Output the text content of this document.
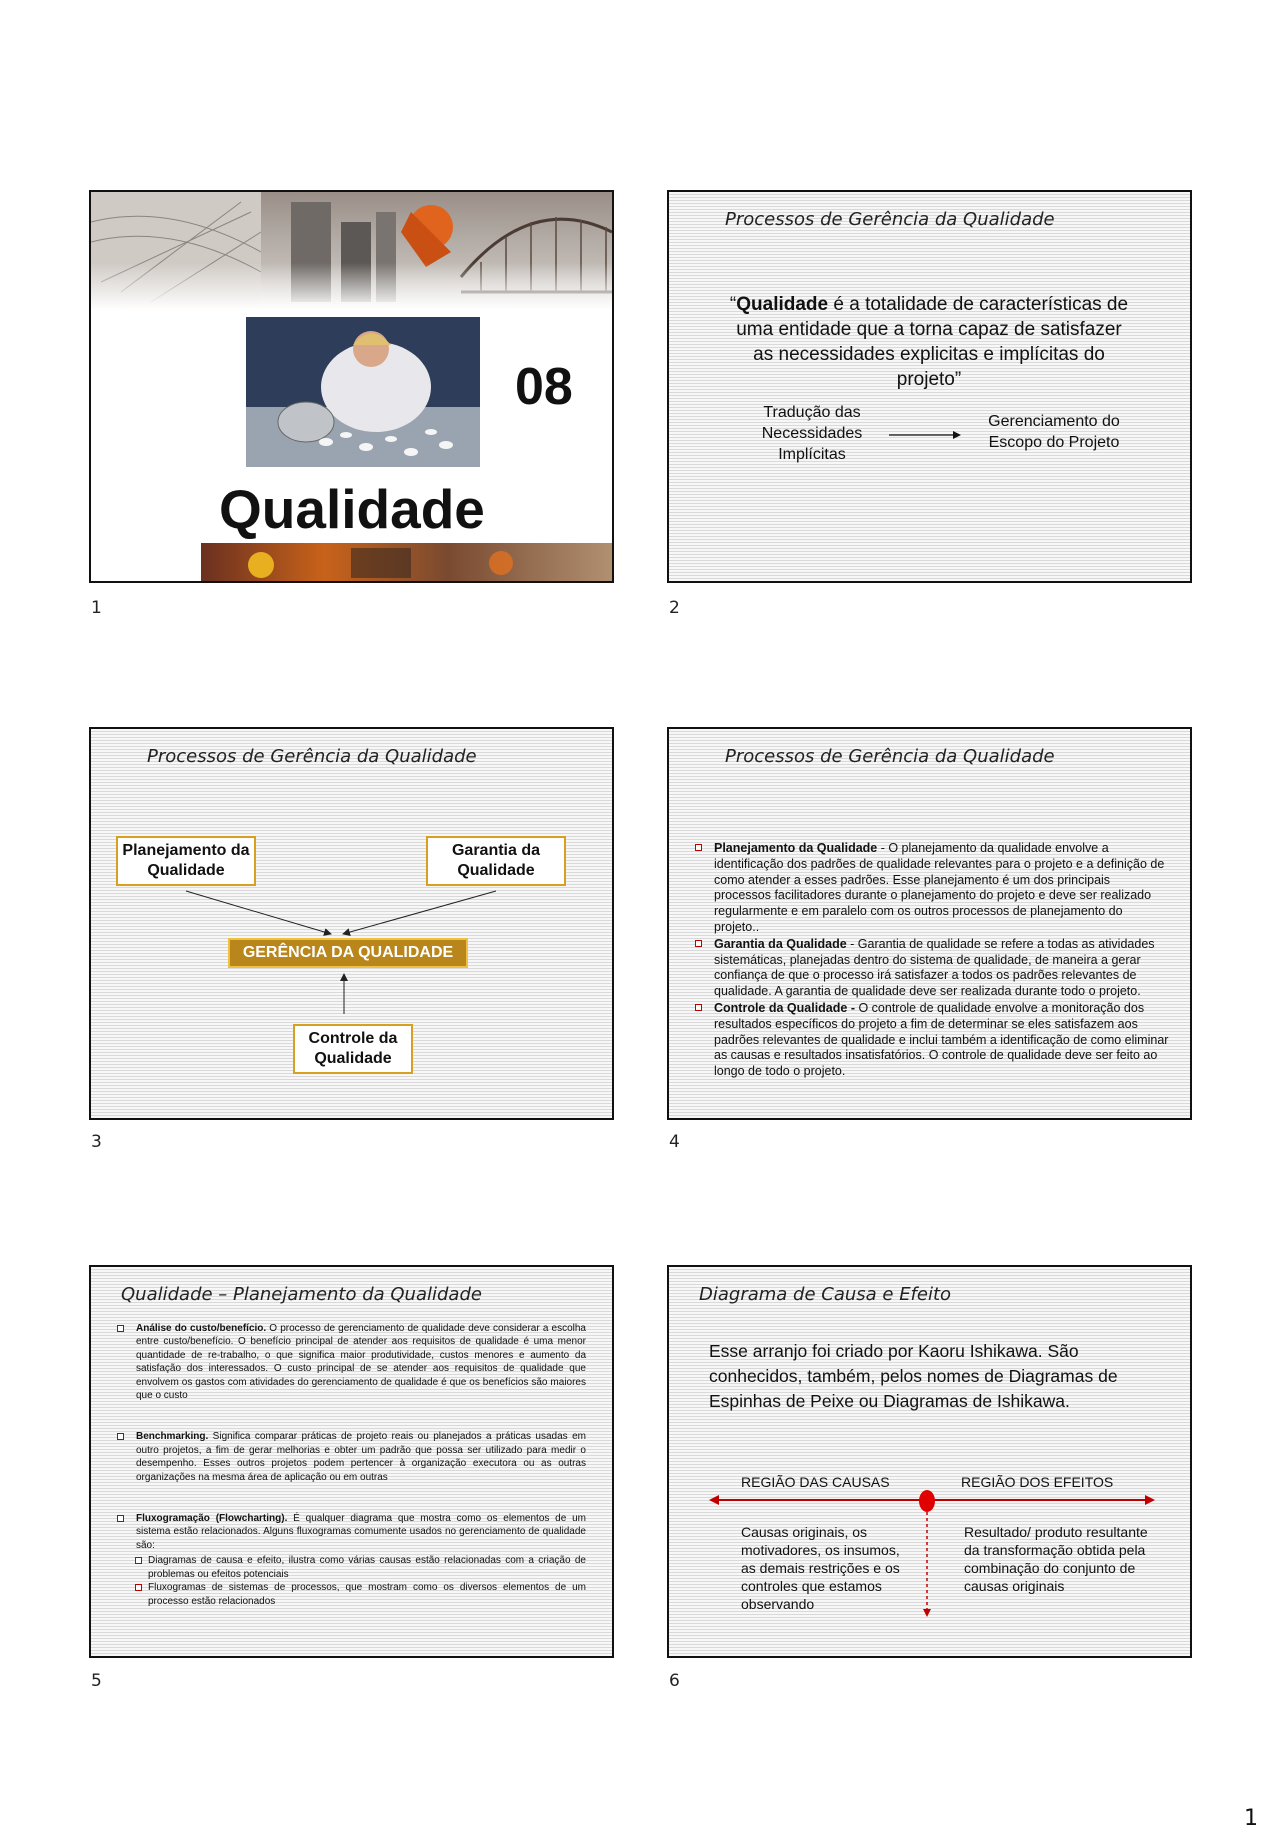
08
Qualidade
1
Processos de Gerência da Qualidade
“Qualidade é a totalidade de características de uma entidade que a torna capaz de satisfazer as necessidades explicitas e implícitas do projeto”
Tradução das Necessidades Implícitas
Gerenciamento do Escopo do Projeto
2
Processos de Gerência da Qualidade
Planejamento da Qualidade
Garantia da Qualidade
GERÊNCIA DA QUALIDADE
Controle da Qualidade
3
Processos de Gerência da Qualidade
Planejamento da Qualidade - O planejamento da qualidade envolve a identificação dos padrões de qualidade relevantes para o projeto e a definição de como atender a esses padrões. Esse planejamento é um dos principais processos facilitadores durante o planejamento do projeto e deve ser realizado regularmente e em paralelo com os outros processos de planejamento do projeto..
Garantia da Qualidade - Garantia de qualidade se refere a todas as atividades sistemáticas, planejadas dentro do sistema de qualidade, de maneira a gerar confiança de que o processo irá satisfazer a todos os padrões relevantes de qualidade. A garantia de qualidade deve ser realizada durante todo o projeto.
Controle da Qualidade - O controle de qualidade envolve a monitoração dos resultados específicos do projeto a fim de determinar se eles satisfazem aos padrões relevantes de qualidade e inclui também a identificação de como eliminar as causas e resultados insatisfatórios. O controle de qualidade deve ser feito ao longo de todo o projeto.
4
Qualidade – Planejamento da Qualidade
Análise do custo/benefício. O processo de gerenciamento de qualidade deve considerar a escolha entre custo/benefício. O benefício principal de atender aos requisitos de qualidade é uma menor quantidade de re-trabalho, o que significa maior produtividade, custos menores e aumento da satisfação dos interessados. O custo principal de se atender aos requisitos de qualidade que envolvem os gastos com atividades do gerenciamento de qualidade é que os benefícios são maiores que o custo
Benchmarking. Significa comparar práticas de projeto reais ou planejados a práticas usadas em outro projetos, a fim de gerar melhorias e obter um padrão que possa ser utilizado para medir o desempenho. Esses outros projetos podem pertencer à organização executora ou as outras organizações na mesma área de aplicação ou em outras
Fluxogramação (Flowcharting). É qualquer diagrama que mostra como os elementos de um sistema estão relacionados. Alguns fluxogramas comumente usados no gerenciamento de qualidade são:
Diagramas de causa e efeito, ilustra como várias causas estão relacionadas com a criação de problemas ou efeitos potenciais
Fluxogramas de sistemas de processos, que mostram como os diversos elementos de um processo estão relacionados
5
Diagrama de Causa e Efeito
Esse arranjo foi criado por Kaoru Ishikawa. São conhecidos, também, pelos nomes de Diagramas de Espinhas de Peixe ou Diagramas de Ishikawa.
REGIÃO DAS CAUSAS	REGIÃO DOS EFEITOS
Causas originais, os motivadores, os insumos, as demais restrições e os controles que estamos observando
Resultado/ produto resultante da transformação obtida pela combinação do conjunto de causas originais
6
1
